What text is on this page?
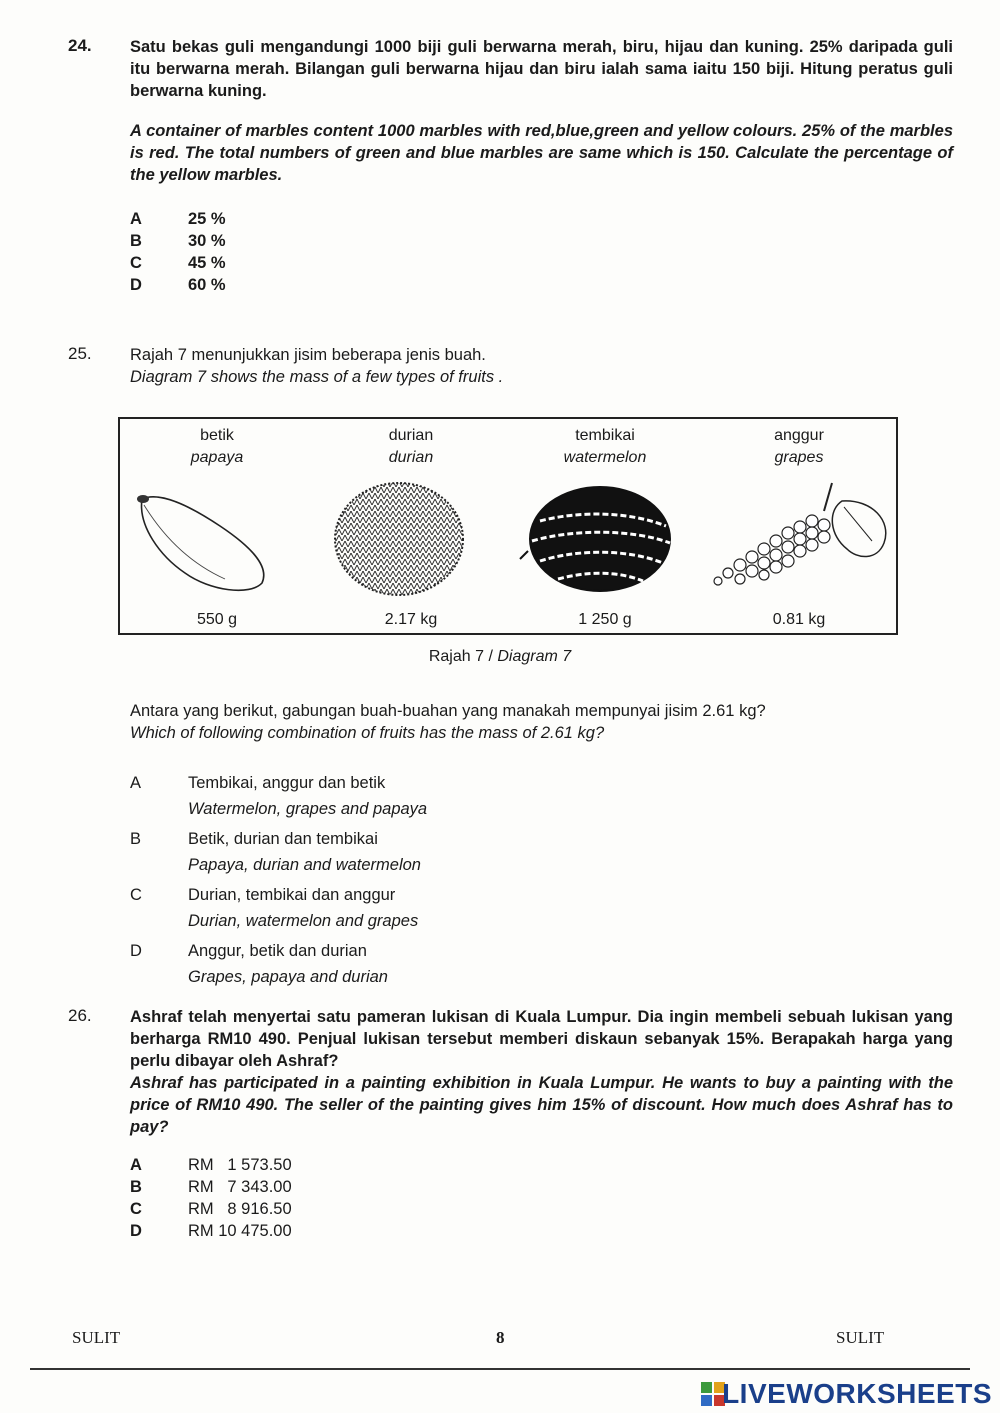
24. Satu bekas guli mengandungi 1000 biji guli berwarna merah, biru, hijau dan kuning. 25% daripada guli itu berwarna merah. Bilangan guli berwarna hijau dan biru ialah sama iaitu 150 biji. Hitung peratus guli berwarna kuning.

A container of marbles content 1000 marbles with red,blue,green and yellow colours. 25% of the marbles is red. The total numbers of green and blue marbles are same which is 150. Calculate the percentage of the yellow marbles.

A	25 %
B	30 %
C	45 %
D	60 %
25. Rajah 7 menunjukkan jisim beberapa jenis buah.

Diagram 7 shows the mass of a few types of fruits .

betik
papaya
550 g
durian
durian
2.17 kg
tembikai
watermelon
1 250 g
anggur
grapes
0.81 kg
Rajah 7 / Diagram 7

Antara yang berikut, gabungan buah-buahan yang manakah mempunyai jisim 2.61 kg?

Which of following combination of fruits has the mass of 2.61 kg?

A	Tembikai, anggur dan betik
Watermelon, grapes and papaya
B	Betik, durian dan tembikai
Papaya, durian and watermelon
C	Durian, tembikai dan anggur
Durian, watermelon and grapes
D	Anggur, betik dan durian
Grapes, papaya and durian
26. Ashraf telah menyertai satu pameran lukisan di Kuala Lumpur. Dia ingin membeli sebuah lukisan yang berharga RM10 490. Penjual lukisan tersebut memberi diskaun sebanyak 15%. Berapakah harga yang perlu dibayar oleh Ashraf?

Ashraf has participated in a painting exhibition in Kuala Lumpur. He wants to buy a painting with the price of RM10 490. The seller of the painting gives him 15% of discount. How much does Ashraf has to pay?

A	RM   1 573.50
B	RM   7 343.00
C	RM   8 916.50
D	RM 10 475.00
SULIT	8	SULIT
LIVEWORKSHEETS
